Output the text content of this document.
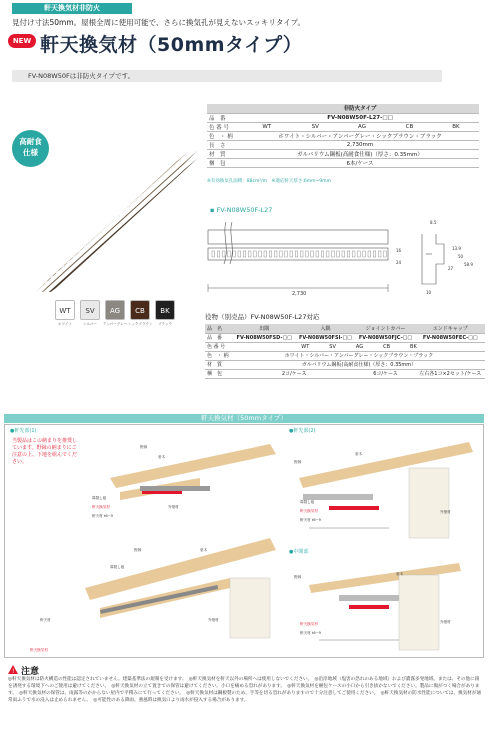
軒天換気材非防火
見付け寸法50mm。屋根全周に使用可能で、さらに換気孔が見えないスッキリタイプ。
NEW 軒天換気材（50mmタイプ）
FV-N08W50Fは非防火タイプです。
高耐食
仕様
WT
ホワイト
SV
シルバー
AG
アンバーグレー
CB
シックブラウン
BK
ブラック
	非防火タイプ				
品　番	FV-N08W50F-L27-□□				
色 番 号	WT	SV	AG	CB	BK
色　・ 柄	ホワイト・シルバー・アンバーグレー・シックブラウン・ブラック				
長　さ	2,730mm				
材　質	ガルバリウム鋼板(高耐食仕様)（厚さ：0.35mm）				
梱　包	6本/ケース				
※有効換気孔面積：88cm²/m　※適応軒天厚さ:6mm~9mm
▪ FV-N08W50F-L27
2,730
8.5
16
24
27
13.9
50
58.9
10
役物（別売品）FV-N08W50F-L27対応
品　名	出隅	入隅	ジョイントカバー	エンドキャップ
品　番	FV-N08W50FSD-□□	FV-N08W50FSI-□□	FV-N08W50FJC-□□	FV-N08W50FEC-□□
色 番 号	WT SV AG CB BK			
色　・ 柄	ホワイト・シルバー・アンバーグレー・シックブラウン・ブラック			
材　質	ガルバリウム鋼板(高耐食仕様)（厚さ：0.35mm）			
梱　包	2コ/ケース		6コ/ケース	左右各1コ×2セット/ケース
軒天換気材（50mmタイプ）
●軒先部(1)
当製品はこの納まりを推奨しています。野縁の納まりにご注意の上、下地を組んでください。
●軒先部(2)
●中間部
野縁
垂木
鼻隠し板
軒天換気材
軒天材 t6~9
外壁材
野縁	垂木
鼻隠し板
軒天材
軒天換気材
外壁材
野縁
垂木
鼻隠し板
軒天換気材
軒天材 t6~9
外壁材
野縁
垂木
軒天換気材
軒天材 t6~9
外壁材
! 注意
◎軒天換気材は防火構造の性能は認定されていません。建築基準法の規制を受けます。　◎軒天換気材を軒天以外の場所へは使用しないでください。　◎沿岸地域（塩害の恐れのある地域）および濃霧多発地域、または、その他に錆を誘発する環境下へのご使用は避けてください。　◎軒天換気材の立て置きでの保管は避けてください。小口を痛める恐れがあります。　◎軒天換気材を梱包ケースの小口から引き抜かないでください。製品に傷がつく場合があります。　◎軒天換気材の保管は、雨露等のかからない屋内で平積みにて行ってください。　◎軒天換気材は鋼板製のため、手等を切る恐れがありますので十分注意してご使用ください。　◎軒天換気材の防水性能については、換気材が通常雨ふうで水の浸入は止められません。　◎可能性のある降雨、強風時は換気口より雨水が侵入する場合があります。
